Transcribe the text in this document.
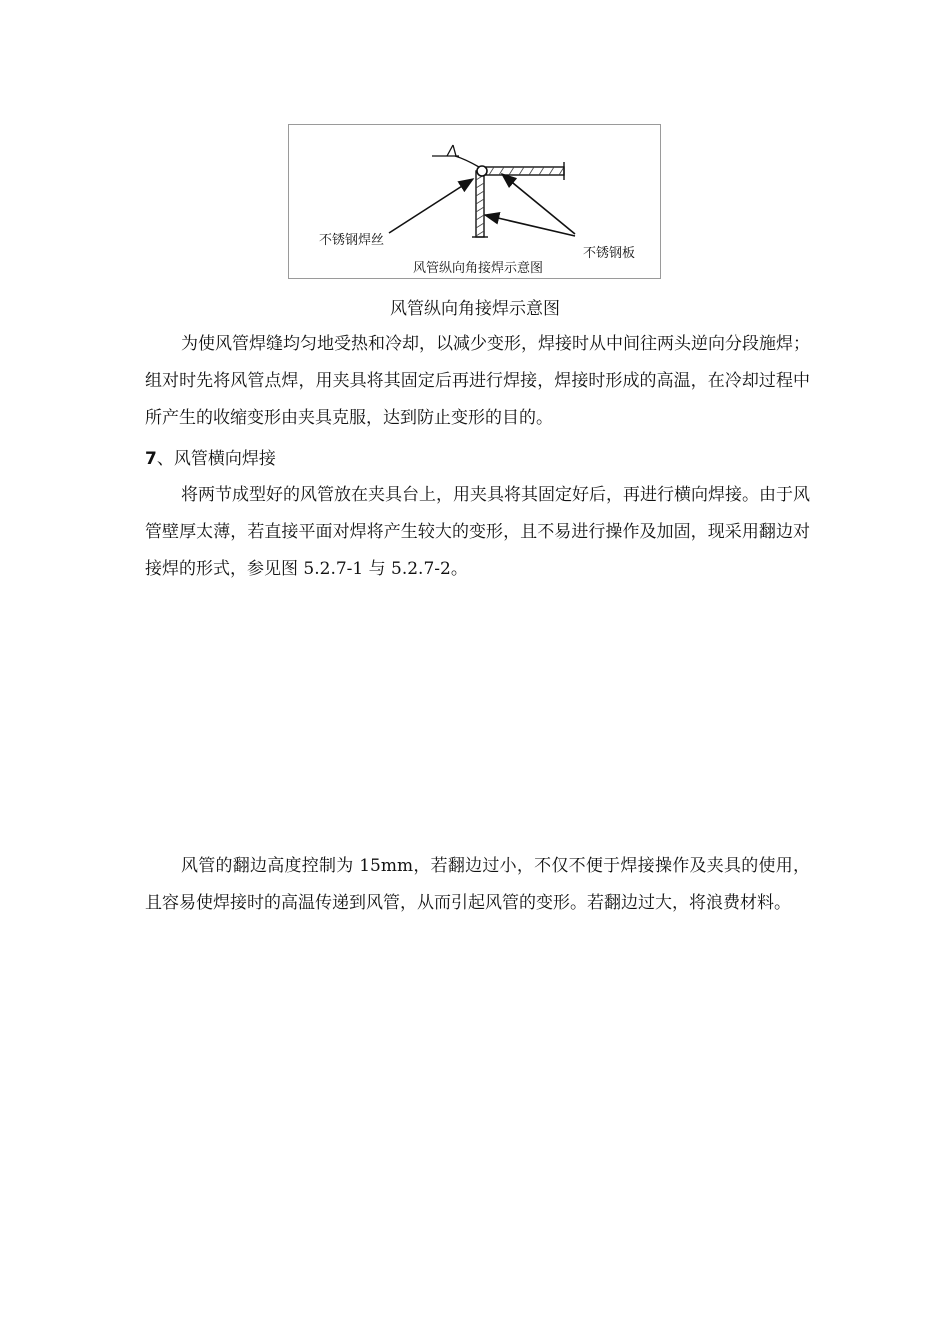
不锈钢焊丝
不锈钢板
风管纵向角接焊示意图
风管纵向角接焊示意图

为使风管焊缝均匀地受热和冷却，以减少变形，焊接时从中间往两头逆向分段施焊；组对时先将风管点焊，用夹具将其固定后再进行焊接，焊接时形成的高温，在冷却过程中所产生的收缩变形由夹具克服，达到防止变形的目的。

7、风管横向焊接

将两节成型好的风管放在夹具台上，用夹具将其固定好后，再进行横向焊接。由于风管壁厚太薄，若直接平面对焊将产生较大的变形，且不易进行操作及加固，现采用翻边对接焊的形式，参见图 5.2.7-1 与 5.2.7-2。

风管的翻边高度控制为 15mm，若翻边过小，不仅不便于焊接操作及夹具的使用，且容易使焊接时的高温传递到风管，从而引起风管的变形。若翻边过大，将浪费材料。
